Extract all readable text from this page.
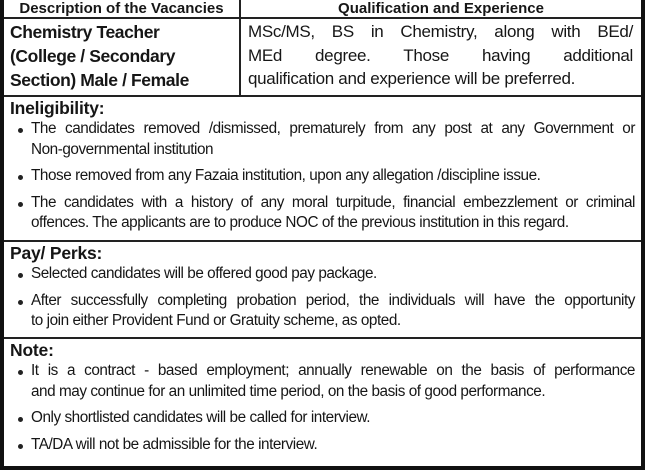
Description of the Vacancies	Qualification and Experience
Chemistry Teacher
(College / Secondary
Section) Male / Female
MSc/MS, BS in Chemistry, along with BEd/
MEd degree. Those having additional
qualification and experience will be preferred.
Ineligibility:
The candidates removed /dismissed, prematurely from any post at any Government or
Non-governmental institution
Those removed from any Fazaia institution, upon any allegation /discipline issue.
The candidates with a history of any moral turpitude, financial embezzlement or criminal
offences. The applicants are to produce NOC of the previous institution in this regard.
Pay/ Perks:
Selected candidates will be offered good pay package.
After successfully completing probation period, the individuals will have the opportunity
to join either Provident Fund or Gratuity scheme, as opted.
Note:
It is a contract - based employment; annually renewable on the basis of performance
and may continue for an unlimited time period, on the basis of good performance.
Only shortlisted candidates will be called for interview.
TA/DA will not be admissible for the interview.
